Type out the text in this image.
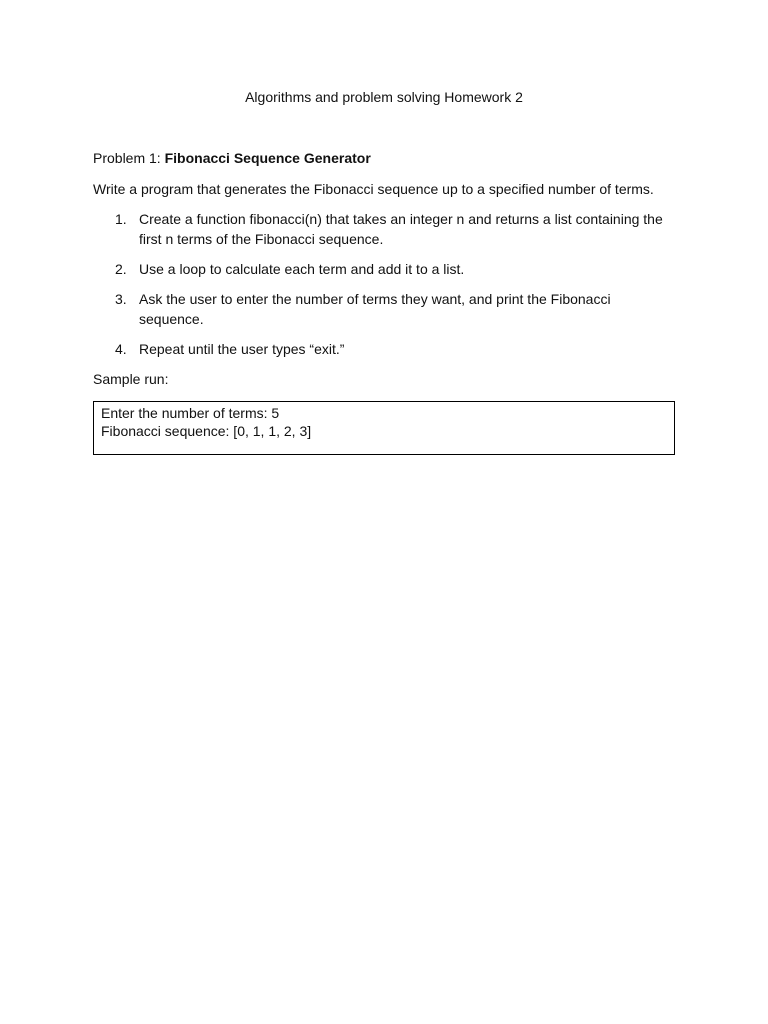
Algorithms and problem solving Homework 2

Problem 1: Fibonacci Sequence Generator

Write a program that generates the Fibonacci sequence up to a specified number of terms.

1. Create a function fibonacci(n) that takes an integer n and returns a list containing the first n terms of the Fibonacci sequence.
2. Use a loop to calculate each term and add it to a list.
3. Ask the user to enter the number of terms they want, and print the Fibonacci sequence.
4. Repeat until the user types “exit.”

Sample run:

Enter the number of terms: 5
Fibonacci sequence: [0, 1, 1, 2, 3]
